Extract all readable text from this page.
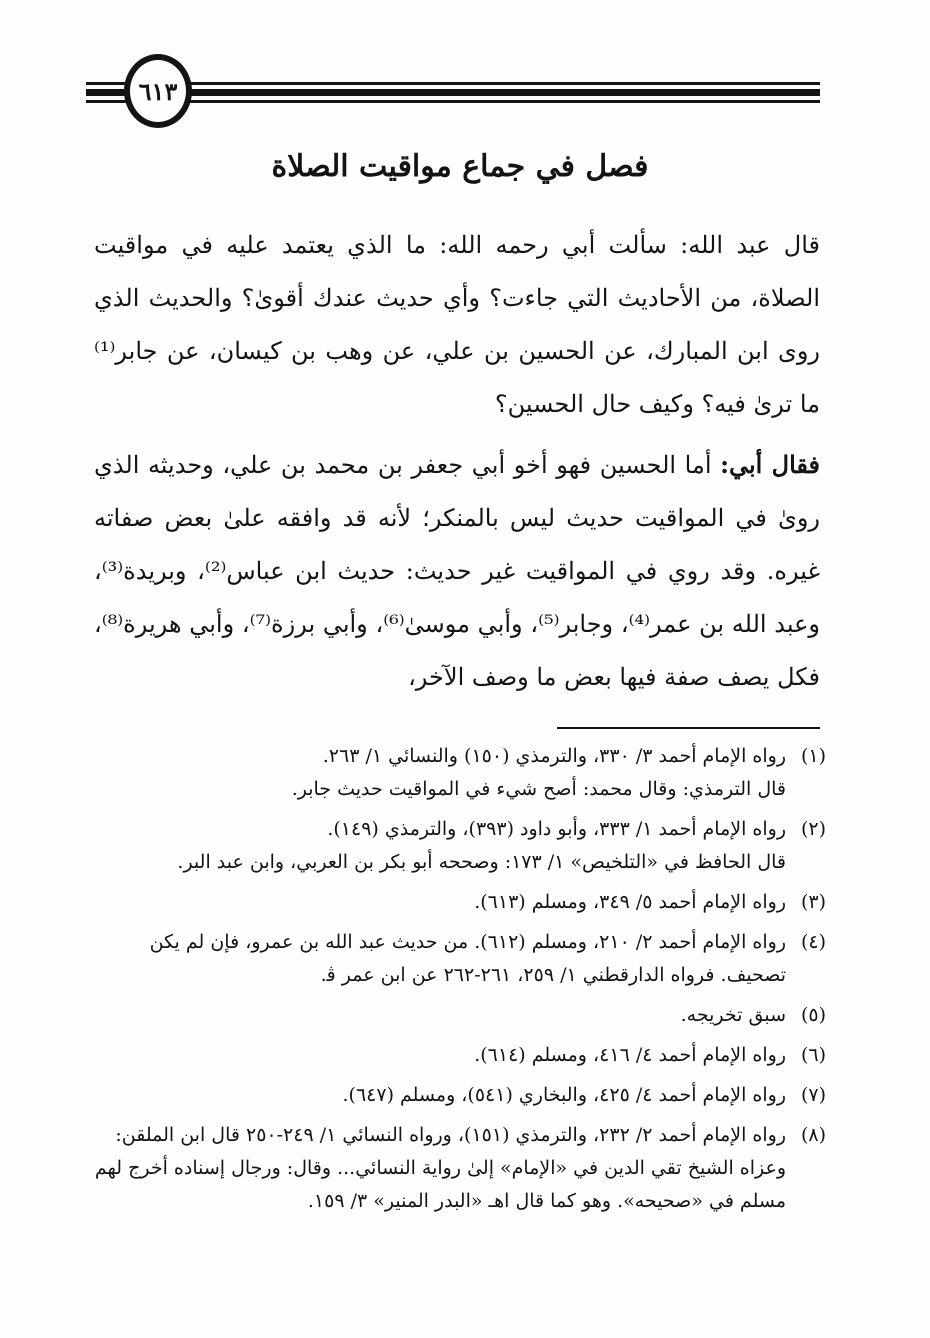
٦١٣
فصل في جماع مواقيت الصلاة

قال عبد الله: سألت أبي رحمه الله: ما الذي يعتمد عليه في مواقيت الصلاة، من الأحاديث التي جاءت؟ وأي حديث عندك أقوىٰ؟ والحديث الذي روى ابن المبارك، عن الحسين بن علي، عن وهب بن كيسان، عن جابر⁽¹⁾ ما ترىٰ فيه؟ وكيف حال الحسين؟

فقال أبي: أما الحسين فهو أخو أبي جعفر بن محمد بن علي، وحديثه الذي روىٰ في المواقيت حديث ليس بالمنكر؛ لأنه قد وافقه علىٰ بعض صفاته غيره. وقد روي في المواقيت غير حديث: حديث ابن عباس⁽²⁾، وبريدة⁽³⁾، وعبد الله بن عمر⁽⁴⁾، وجابر⁽⁵⁾، وأبي موسىٰ⁽⁶⁾، وأبي برزة⁽⁷⁾، وأبي هريرة⁽⁸⁾، فكل يصف صفة فيها بعض ما وصف الآخر،

(١)
رواه الإمام أحمد ٣/ ٣٣٠، والترمذي (١٥٠) والنسائي ١/ ٢٦٣.
قال الترمذي: وقال محمد: أصح شيء في المواقيت حديث جابر.
(٢)
رواه الإمام أحمد ١/ ٣٣٣، وأبو داود (٣٩٣)، والترمذي (١٤٩).
قال الحافظ في «التلخيص» ١/ ١٧٣: وصححه أبو بكر بن العربي، وابن عبد البر.
(٣)
رواه الإمام أحمد ٥/ ٣٤٩، ومسلم (٦١٣).
(٤)
رواه الإمام أحمد ٢/ ٢١٠، ومسلم (٦١٢). من حديث عبد الله بن عمرو، فإن لم يكن تصحيف. فرواه الدارقطني ١/ ٢٥٩، ٢٦١-٢٦٢ عن ابن عمر ﭬ.
(٥)
سبق تخريجه.
(٦)
رواه الإمام أحمد ٤/ ٤١٦، ومسلم (٦١٤).
(٧)
رواه الإمام أحمد ٤/ ٤٢٥، والبخاري (٥٤١)، ومسلم (٦٤٧).
(٨)
رواه الإمام أحمد ٢/ ٢٣٢، والترمذي (١٥١)، ورواه النسائي ١/ ٢٤٩-٢٥٠ قال ابن الملقن: وعزاه الشيخ تقي الدين في «الإمام» إلىٰ رواية النسائي... وقال: ورجال إسناده أخرج لهم مسلم في «صحيحه». وهو كما قال اهـ «البدر المنير» ٣/ ١٥٩.
